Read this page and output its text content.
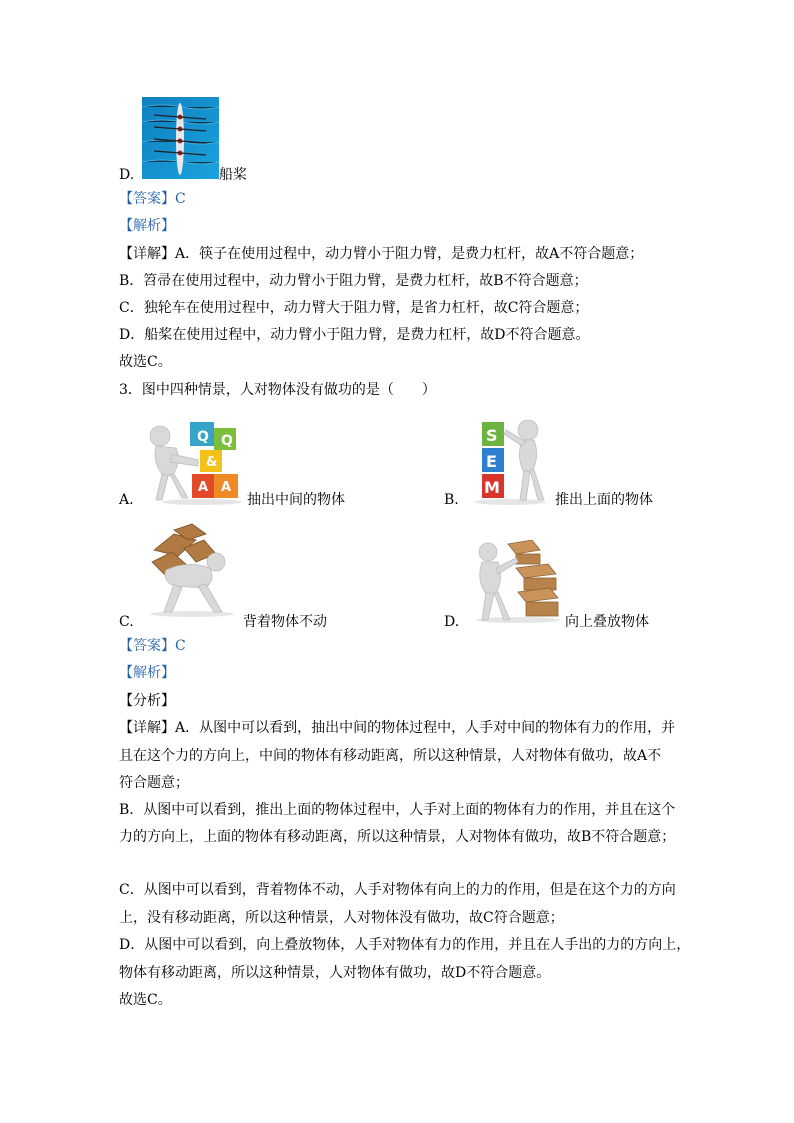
D.	船桨
【答案】C
【解析】
【详解】A．筷子在使用过程中，动力臂小于阻力臂，是费力杠杆，故A不符合题意；
B．笤帚在使用过程中，动力臂小于阻力臂，是费力杠杆，故B不符合题意；
C．独轮车在使用过程中，动力臂大于阻力臂，是省力杠杆，故C符合题意；
D．船桨在使用过程中，动力臂小于阻力臂，是费力杠杆，故D不符合题意。
故选C。
3．图中四种情景，人对物体没有做功的是（　　）
A.
Q Q
&
A A
抽出中间的物体	B.
S
E
M
推出上面的物体
C.	背着物体不动	D.	向上叠放物体
【答案】C
【解析】
【分析】
【详解】A．从图中可以看到，抽出中间的物体过程中，人手对中间的物体有力的作用，并
且在这个力的方向上，中间的物体有移动距离，所以这种情景，人对物体有做功，故A不
符合题意；
B．从图中可以看到，推出上面的物体过程中，人手对上面的物体有力的作用，并且在这个
力的方向上，上面的物体有移动距离，所以这种情景，人对物体有做功，故B不符合题意；
C．从图中可以看到，背着物体不动，人手对物体有向上的力的作用，但是在这个力的方向
上，没有移动距离，所以这种情景，人对物体没有做功，故C符合题意；
D．从图中可以看到，向上叠放物体，人手对物体有力的作用，并且在人手出的力的方向上，
物体有移动距离，所以这种情景，人对物体有做功，故D不符合题意。
故选C。
